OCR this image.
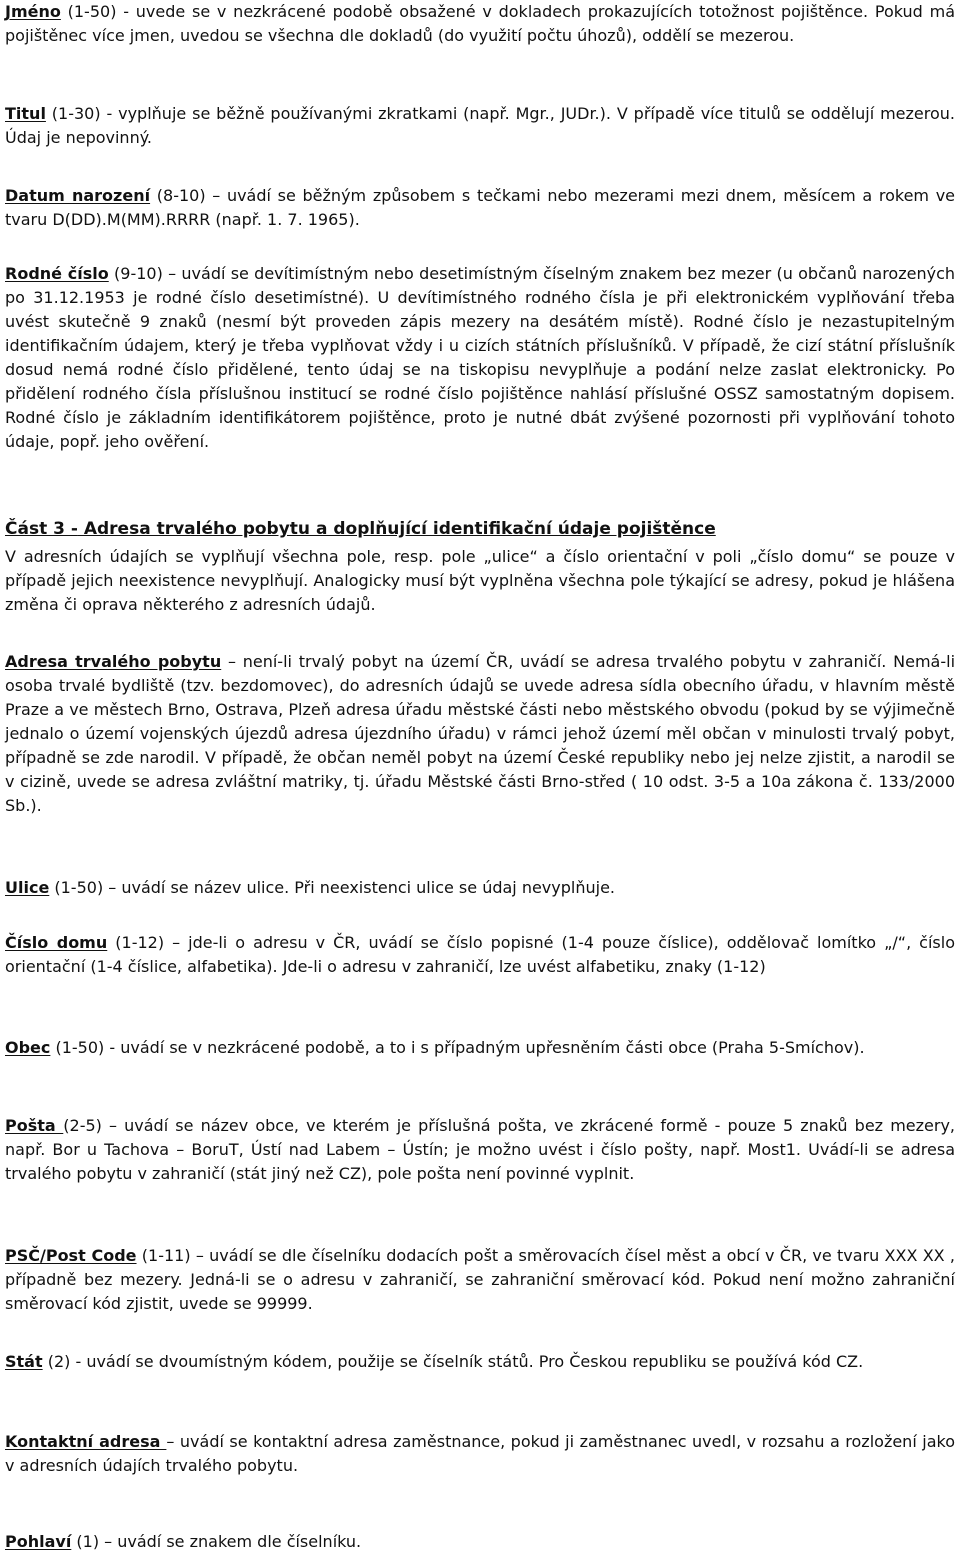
Jméno (1-50) - uvede se v nezkrácené podobě obsažené v dokladech prokazujících totožnost pojištěnce. Pokud má pojištěnec více jmen, uvedou se všechna dle dokladů (do využití počtu úhozů), oddělí se mezerou.

Titul (1-30) - vyplňuje se běžně používanými zkratkami (např. Mgr., JUDr.). V případě více titulů se oddělují mezerou. Údaj je nepovinný.

Datum narození (8-10) – uvádí se běžným způsobem s tečkami nebo mezerami mezi dnem, měsícem a rokem ve tvaru D(DD).M(MM).RRRR (např. 1. 7. 1965).

Rodné číslo (9-10) – uvádí se devítimístným nebo desetimístným číselným znakem bez mezer (u občanů narozených po 31.12.1953 je rodné číslo desetimístné). U devítimístného rodného čísla je při elektronickém vyplňování třeba uvést skutečně 9 znaků (nesmí být proveden zápis mezery na desátém místě). Rodné číslo je nezastupitelným identifikačním údajem, který je třeba vyplňovat vždy i u cizích státních příslušníků. V případě, že cizí státní příslušník dosud nemá rodné číslo přidělené, tento údaj se na tiskopisu nevyplňuje a podání nelze zaslat elektronicky. Po přidělení rodného čísla příslušnou institucí se rodné číslo pojištěnce nahlásí příslušné OSSZ samostatným dopisem. Rodné číslo je základním identifikátorem pojištěnce, proto je nutné dbát zvýšené pozornosti při vyplňování tohoto údaje, popř. jeho ověření.

Část 3 - Adresa trvalého pobytu a doplňující identifikační údaje pojištěnce

V adresních údajích se vyplňují všechna pole, resp. pole „ulice“ a číslo orientační v poli „číslo domu“ se pouze v případě jejich neexistence nevyplňují. Analogicky musí být vyplněna všechna pole týkající se adresy, pokud je hlášena změna či oprava některého z adresních údajů.

Adresa trvalého pobytu – není-li trvalý pobyt na území ČR, uvádí se adresa trvalého pobytu v zahraničí. Nemá-li osoba trvalé bydliště (tzv. bezdomovec), do adresních údajů se uvede adresa sídla obecního úřadu, v hlavním městě Praze a ve městech Brno, Ostrava, Plzeň adresa úřadu městské části nebo městského obvodu (pokud by se výjimečně jednalo o území vojenských újezdů adresa újezdního úřadu) v rámci jehož území měl občan v minulosti trvalý pobyt, případně se zde narodil. V případě, že občan neměl pobyt na území České republiky nebo jej nelze zjistit, a narodil se v cizině, uvede se adresa zvláštní matriky, tj. úřadu Městské části Brno-střed ( 10 odst. 3-5 a 10a zákona č. 133/2000 Sb.).

Ulice (1-50) – uvádí se název ulice. Při neexistenci ulice se údaj nevyplňuje.

Číslo domu (1-12) – jde-li o adresu v ČR, uvádí se číslo popisné (1-4 pouze číslice), oddělovač lomítko „/“, číslo orientační (1-4 číslice, alfabetika). Jde-li o adresu v zahraničí, lze uvést alfabetiku, znaky (1-12)

Obec (1-50) - uvádí se v nezkrácené podobě, a to i s případným upřesněním části obce (Praha 5-Smíchov).

Pošta (2-5) – uvádí se název obce, ve kterém je příslušná pošta, ve zkrácené formě - pouze 5 znaků bez mezery, např. Bor u Tachova – BoruT, Ústí nad Labem – Ústín; je možno uvést i číslo pošty, např. Most1. Uvádí-li se adresa trvalého pobytu v zahraničí (stát jiný než CZ), pole pošta není povinné vyplnit.

PSČ/Post Code (1-11) – uvádí se dle číselníku dodacích pošt a směrovacích čísel měst a obcí v ČR, ve tvaru XXX XX , případně bez mezery. Jedná-li se o adresu v zahraničí, se zahraniční směrovací kód. Pokud není možno zahraniční směrovací kód zjistit, uvede se 99999.

Stát (2) - uvádí se dvoumístným kódem, použije se číselník států. Pro Českou republiku se používá kód CZ.

Kontaktní adresa – uvádí se kontaktní adresa zaměstnance, pokud ji zaměstnanec uvedl, v rozsahu a rozložení jako v adresních údajích trvalého pobytu.

Pohlaví (1) – uvádí se znakem dle číselníku.
